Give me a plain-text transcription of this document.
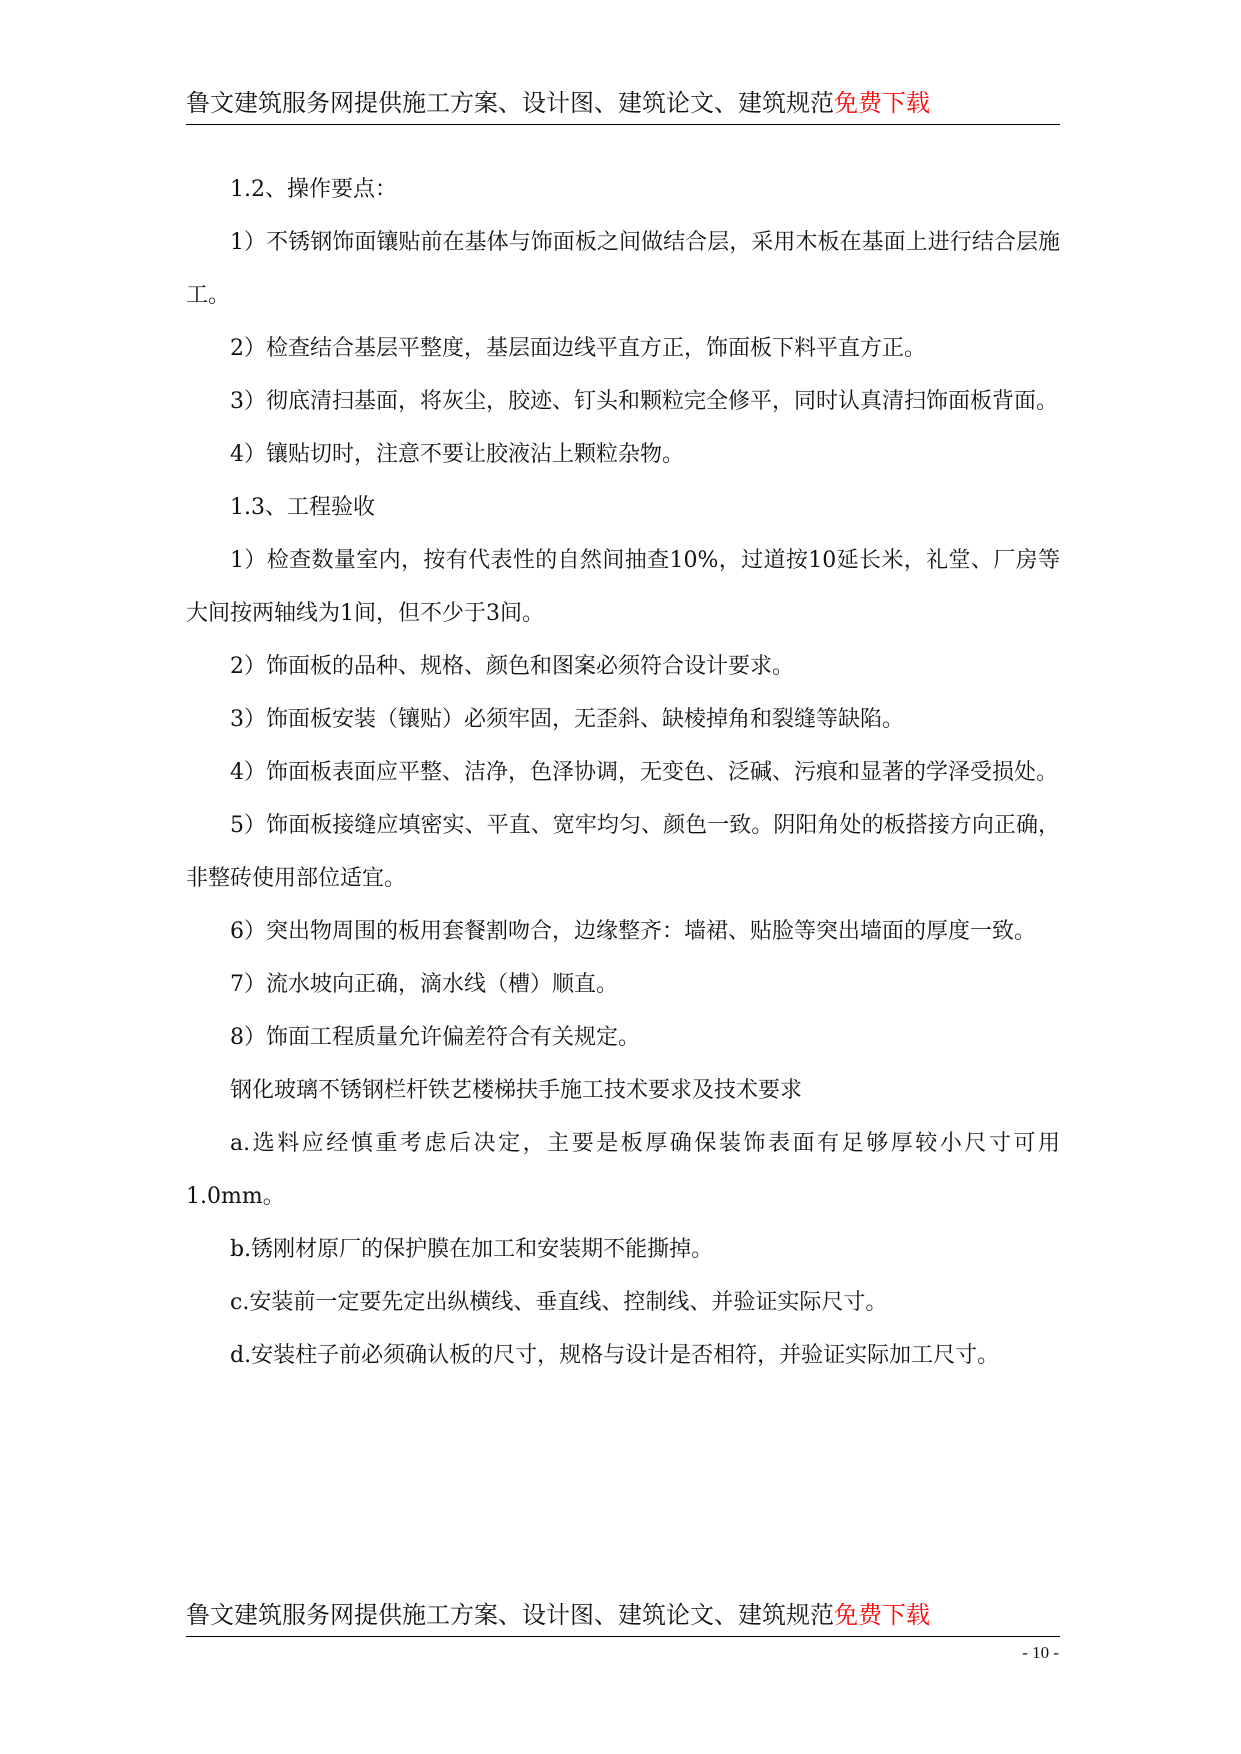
鲁文建筑服务网提供施工方案、设计图、建筑论文、建筑规范免费下载

1.2、操作要点：

1）不锈钢饰面镶贴前在基体与饰面板之间做结合层，采用木板在基面上进行结合层施工。

2）检查结合基层平整度，基层面边线平直方正，饰面板下料平直方正。

3）彻底清扫基面，将灰尘，胶迹、钉头和颗粒完全修平，同时认真清扫饰面板背面。

4）镶贴切时，注意不要让胶液沾上颗粒杂物。

1.3、工程验收

1）检查数量室内，按有代表性的自然间抽查10%，过道按10延长米，礼堂、厂房等大间按两轴线为1间，但不少于3间。

2）饰面板的品种、规格、颜色和图案必须符合设计要求。

3）饰面板安装（镶贴）必须牢固，无歪斜、缺棱掉角和裂缝等缺陷。

4）饰面板表面应平整、洁净，色泽协调，无变色、泛碱、污痕和显著的学泽受损处。

5）饰面板接缝应填密实、平直、宽牢均匀、颜色一致。阴阳角处的板搭接方向正确，非整砖使用部位适宜。

6）突出物周围的板用套餐割吻合，边缘整齐：墙裙、贴脸等突出墙面的厚度一致。

7）流水坡向正确，滴水线（槽）顺直。

8）饰面工程质量允许偏差符合有关规定。

钢化玻璃不锈钢栏杆铁艺楼梯扶手施工技术要求及技术要求

a.选料应经慎重考虑后决定，主要是板厚确保装饰表面有足够厚较小尺寸可用1.0mm。

b.锈刚材原厂的保护膜在加工和安装期不能撕掉。

c.安装前一定要先定出纵横线、垂直线、控制线、并验证实际尺寸。

d.安装柱子前必须确认板的尺寸，规格与设计是否相符，并验证实际加工尺寸。

鲁文建筑服务网提供施工方案、设计图、建筑论文、建筑规范免费下载
- 10 -
